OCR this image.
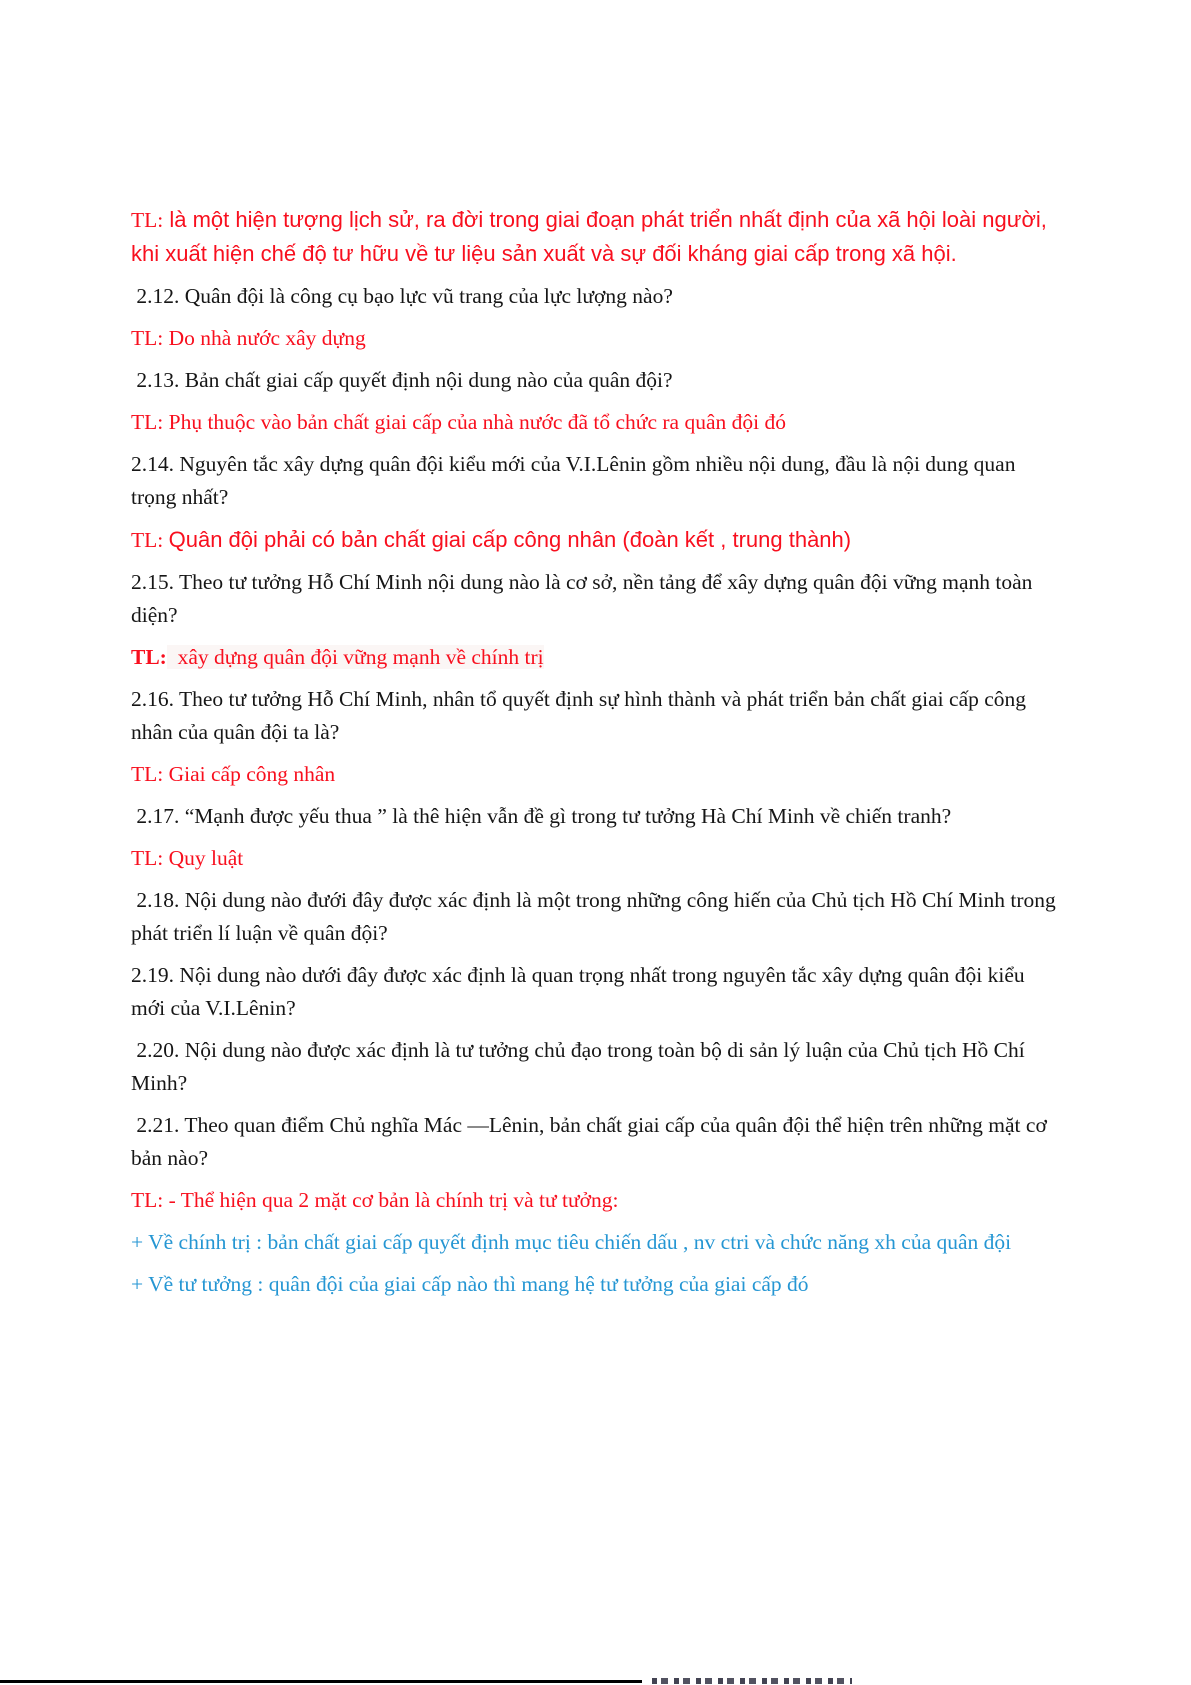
TL: là một hiện tượng lịch sử, ra đời trong giai đoạn phát triển nhất định của xã hội loài người, khi xuất hiện chế độ tư hữu về tư liệu sản xuất và sự đối kháng giai cấp trong xã hội.

2.12. Quân đội là công cụ bạo lực vũ trang của lực lượng nào?

TL: Do nhà nước xây dựng

2.13. Bản chất giai cấp quyết định nội dung nào của quân đội?

TL: Phụ thuộc vào bản chất giai cấp của nhà nước đã tổ chức ra quân đội đó

2.14. Nguyên tắc xây dựng quân đội kiểu mới của V.I.Lênin gồm nhiều nội dung, đầu là nội dung quan trọng nhất?

TL: Quân đội phải có bản chất giai cấp công nhân (đoàn kết , trung thành)

2.15. Theo tư tưởng Hỗ Chí Minh nội dung nào là cơ sở, nền tảng để xây dựng quân đội vững mạnh toàn diện?

TL:  xây dựng quân đội vững mạnh về chính trị

2.16. Theo tư tưởng Hỗ Chí Minh, nhân tổ quyết định sự hình thành và phát triển bản chất giai cấp công nhân của quân đội ta là?

TL: Giai cấp công nhân

2.17. “Mạnh được yếu thua ” là thê hiện vẫn đề gì trong tư tưởng Hà Chí Minh về chiến tranh?

TL: Quy luật

2.18. Nội dung nào đưới đây được xác định là một trong những công hiến của Chủ tịch Hồ Chí Minh trong phát triển lí luận về quân đội?

2.19. Nội dung nào dưới đây được xác định là quan trọng nhất trong nguyên tắc xây dựng quân đội kiểu mới của V.I.Lênin?

2.20. Nội dung nào được xác định là tư tưởng chủ đạo trong toàn bộ di sản lý luận của Chủ tịch Hồ Chí Minh?

2.21. Theo quan điểm Chủ nghĩa Mác —Lênin, bản chất giai cấp của quân đội thể hiện trên những mặt cơ bản nào?

TL: - Thể hiện qua 2 mặt cơ bản là chính trị và tư tưởng:

+ Về chính trị : bản chất giai cấp quyết định mục tiêu chiến dấu , nv ctri và chức năng xh của quân đội

+ Về tư tưởng : quân đội của giai cấp nào thì mang hệ tư tưởng của giai cấp đó
